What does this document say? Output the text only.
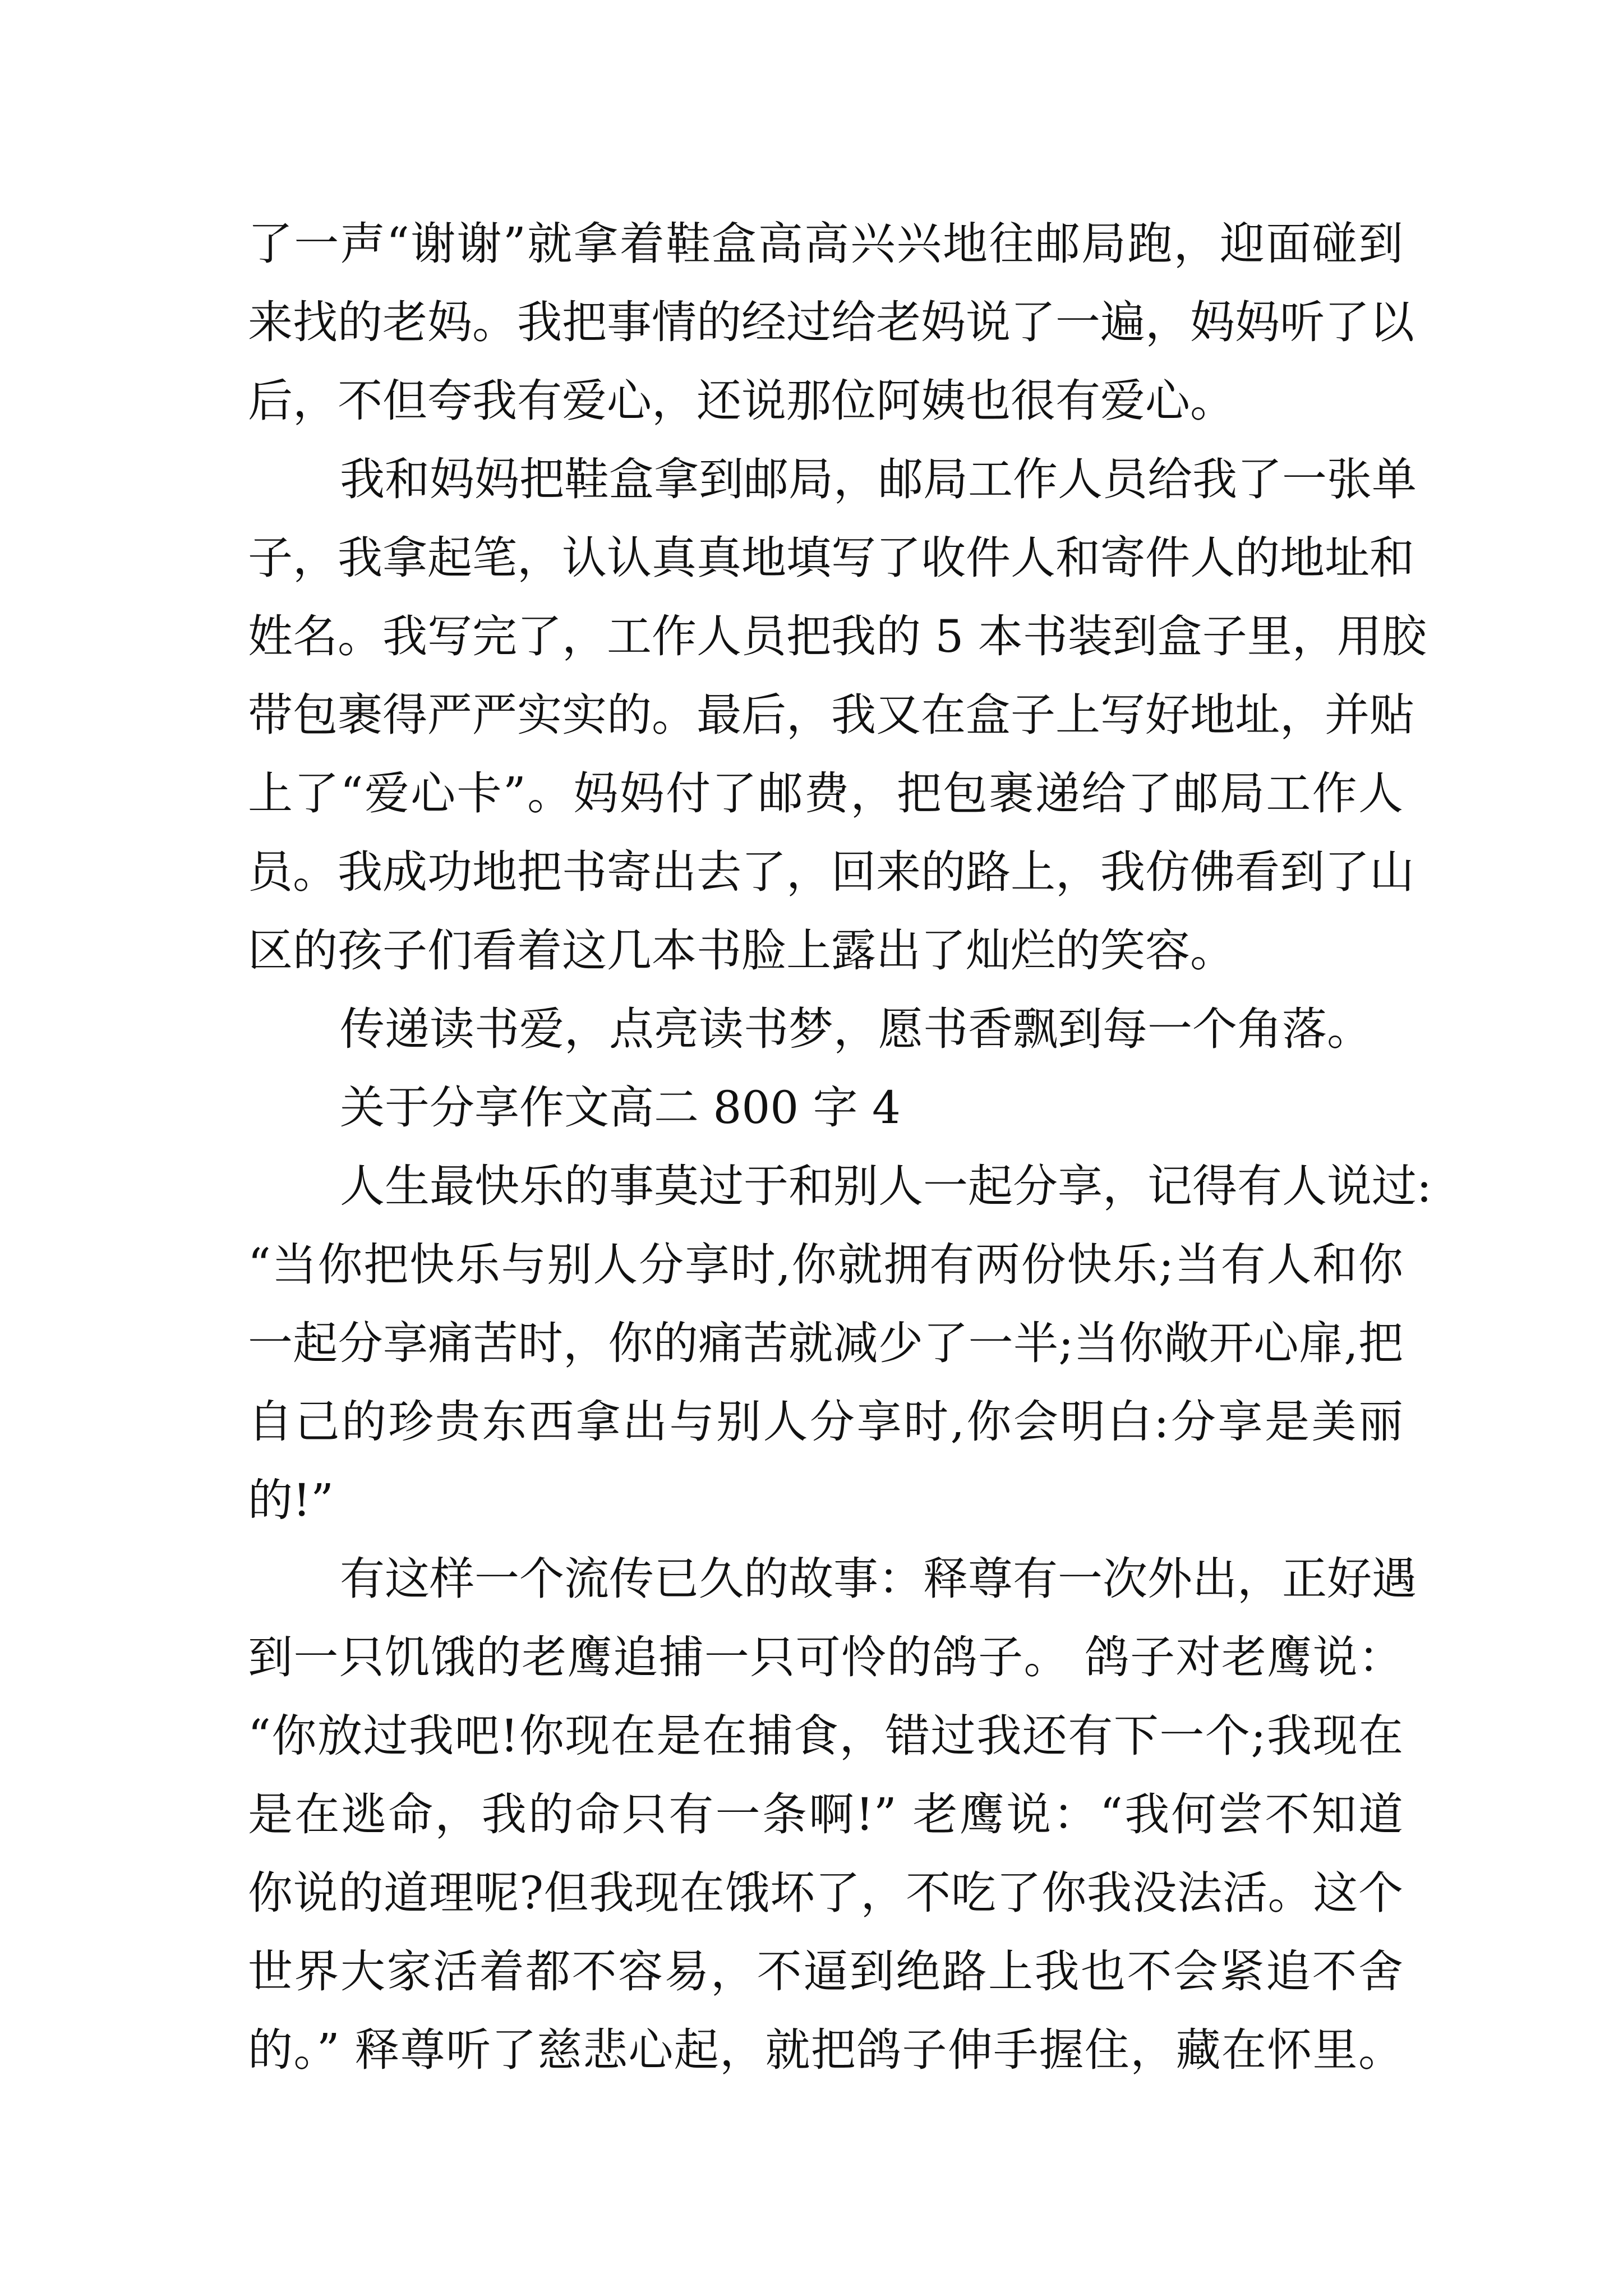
了一声“谢谢”就拿着鞋盒高高兴兴地往邮局跑，迎面碰到

来找的老妈。我把事情的经过给老妈说了一遍，妈妈听了以

后，不但夸我有爱心，还说那位阿姨也很有爱心。

我和妈妈把鞋盒拿到邮局，邮局工作人员给我了一张单

子，我拿起笔，认认真真地填写了收件人和寄件人的地址和

姓名。我写完了，工作人员把我的 5 本书装到盒子里，用胶

带包裹得严严实实的。最后，我又在盒子上写好地址，并贴

上了“爱心卡”。妈妈付了邮费，把包裹递给了邮局工作人

员。我成功地把书寄出去了，回来的路上，我仿佛看到了山

区的孩子们看着这几本书脸上露出了灿烂的笑容。

传递读书爱，点亮读书梦，愿书香飘到每一个角落。

关于分享作文高二 800 字 4

人生最快乐的事莫过于和别人一起分享，记得有人说过:

“当你把快乐与别人分享时,你就拥有两份快乐;当有人和你

一起分享痛苦时，你的痛苦就减少了一半;当你敞开心扉,把

自己的珍贵东西拿出与别人分享时,你会明白:分享是美丽

的!”

有这样一个流传已久的故事：释尊有一次外出，正好遇

到一只饥饿的老鹰追捕一只可怜的鸽子。 鸽子对老鹰说：

“你放过我吧!你现在是在捕食，错过我还有下一个;我现在

是在逃命，我的命只有一条啊!” 老鹰说：“我何尝不知道

你说的道理呢?但我现在饿坏了，不吃了你我没法活。这个

世界大家活着都不容易，不逼到绝路上我也不会紧追不舍

的。” 释尊听了慈悲心起，就把鸽子伸手握住，藏在怀里。
